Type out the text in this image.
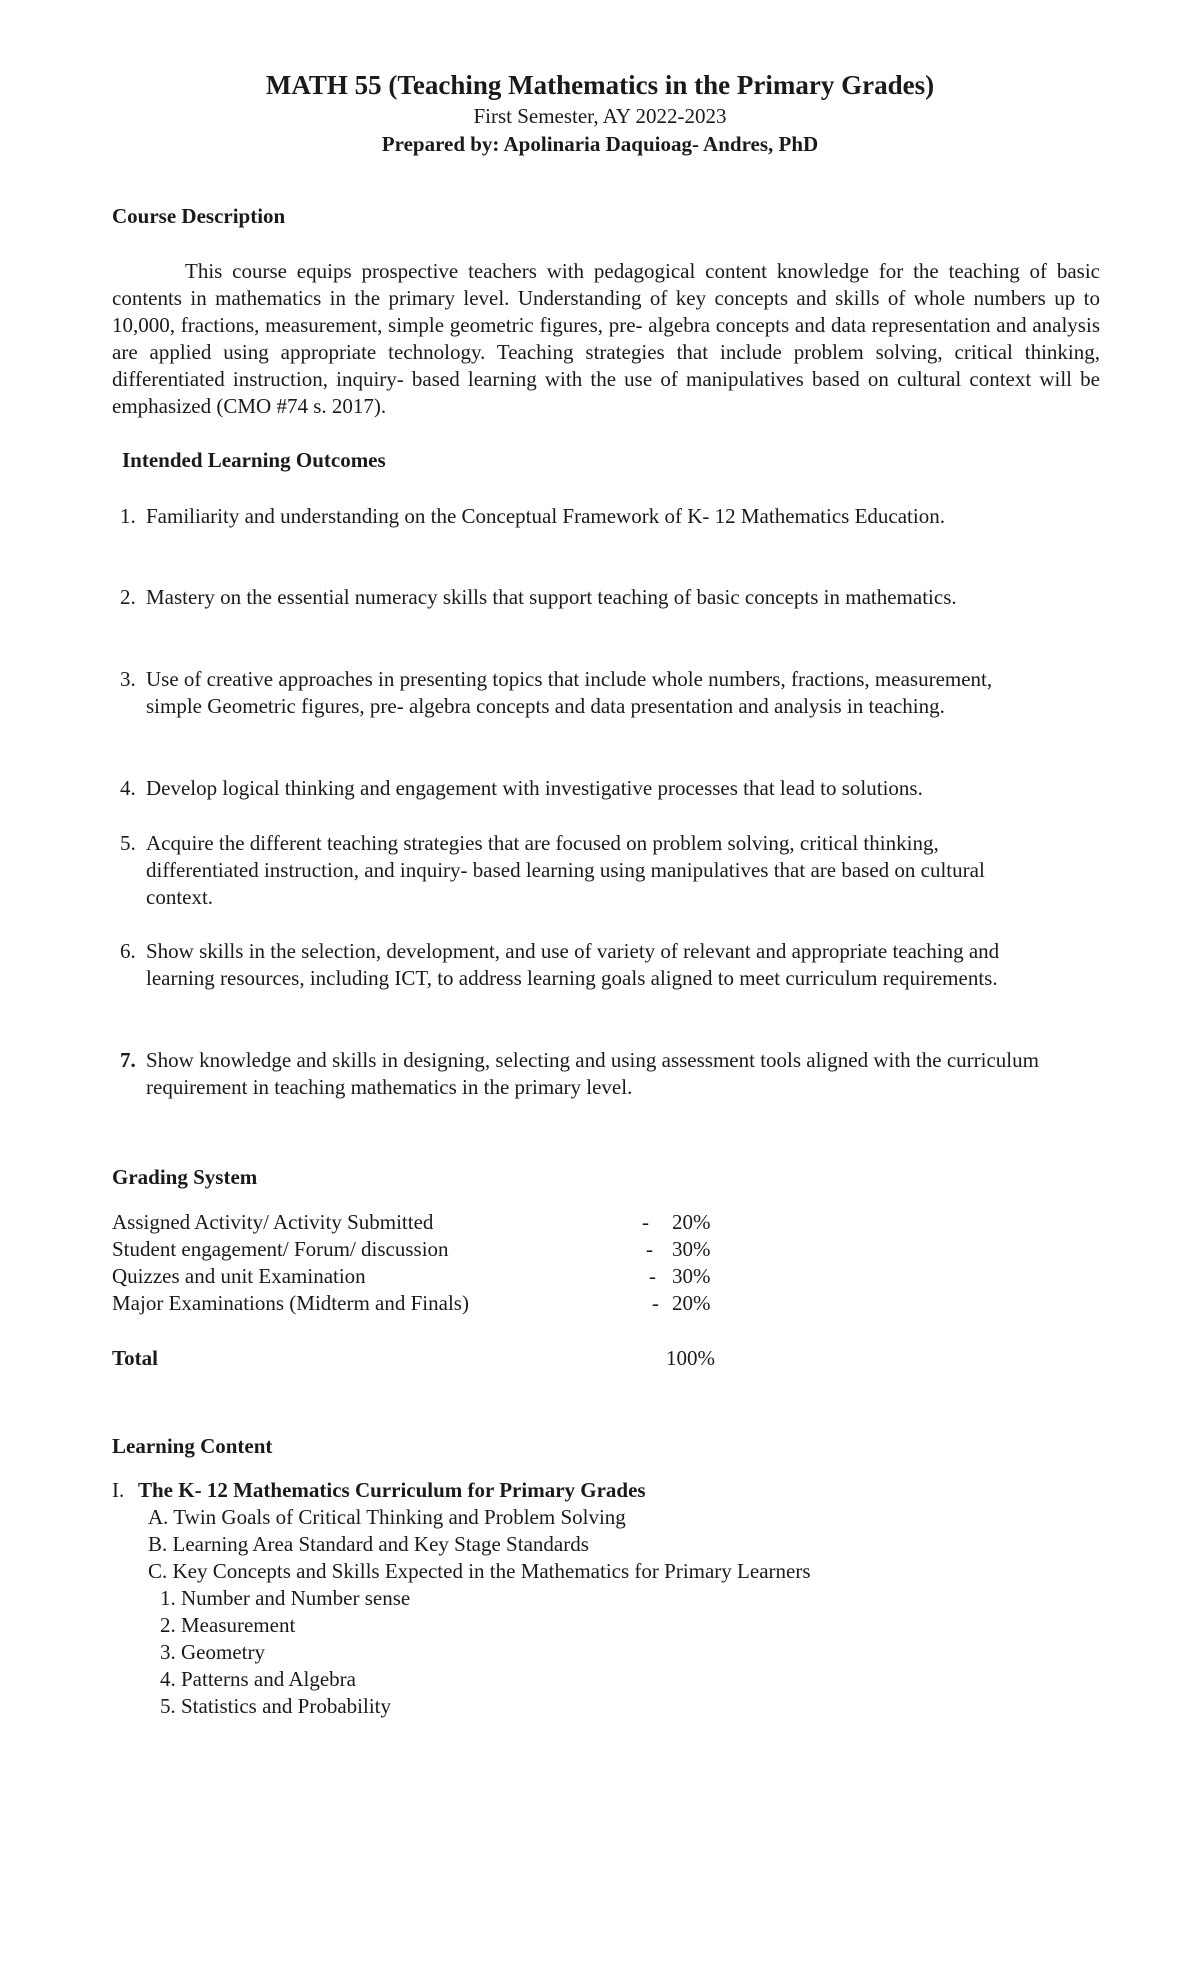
MATH 55 (Teaching Mathematics in the Primary Grades)
First Semester, AY 2022-2023
Prepared by: Apolinaria Daquioag- Andres, PhD
Course Description

This course equips prospective teachers with pedagogical content knowledge for the teaching of basic contents in mathematics in the primary level. Understanding of key concepts and skills of whole numbers up to 10,000, fractions, measurement, simple geometric figures, pre- algebra concepts and data representation and analysis are applied using appropriate technology. Teaching strategies that include problem solving, critical thinking, differentiated instruction, inquiry- based learning with the use of manipulatives based on cultural context will be emphasized (CMO #74 s. 2017).

Intended Learning Outcomes
1. Familiarity and understanding on the Conceptual Framework of K- 12 Mathematics Education.
2. Mastery on the essential numeracy skills that support teaching of basic concepts in mathematics.
3. Use of creative approaches in presenting topics that include whole numbers, fractions, measurement, simple Geometric figures, pre- algebra concepts and data presentation and analysis in teaching.
4. Develop logical thinking and engagement with investigative processes that lead to solutions.
5. Acquire the different teaching strategies that are focused on problem solving, critical thinking, differentiated instruction, and inquiry- based learning using manipulatives that are based on cultural context.
6. Show skills in the selection, development, and use of variety of relevant and appropriate teaching and learning resources, including ICT, to address learning goals aligned to meet curriculum requirements.
7. Show knowledge and skills in designing, selecting and using assessment tools aligned with the curriculum requirement in teaching mathematics in the primary level.
Grading System
Assigned Activity/ Activity Submitted	- 20%
Student engagement/ Forum/ discussion	- 30%
Quizzes and unit Examination	- 30%
Major Examinations (Midterm and Finals)	- 20%
Total	100%
Learning Content
I. The K- 12 Mathematics Curriculum for Primary Grades
A. Twin Goals of Critical Thinking and Problem Solving
B. Learning Area Standard and Key Stage Standards
C. Key Concepts and Skills Expected in the Mathematics for Primary Learners
1. Number and Number sense
2. Measurement
3. Geometry
4. Patterns and Algebra
5. Statistics and Probability
